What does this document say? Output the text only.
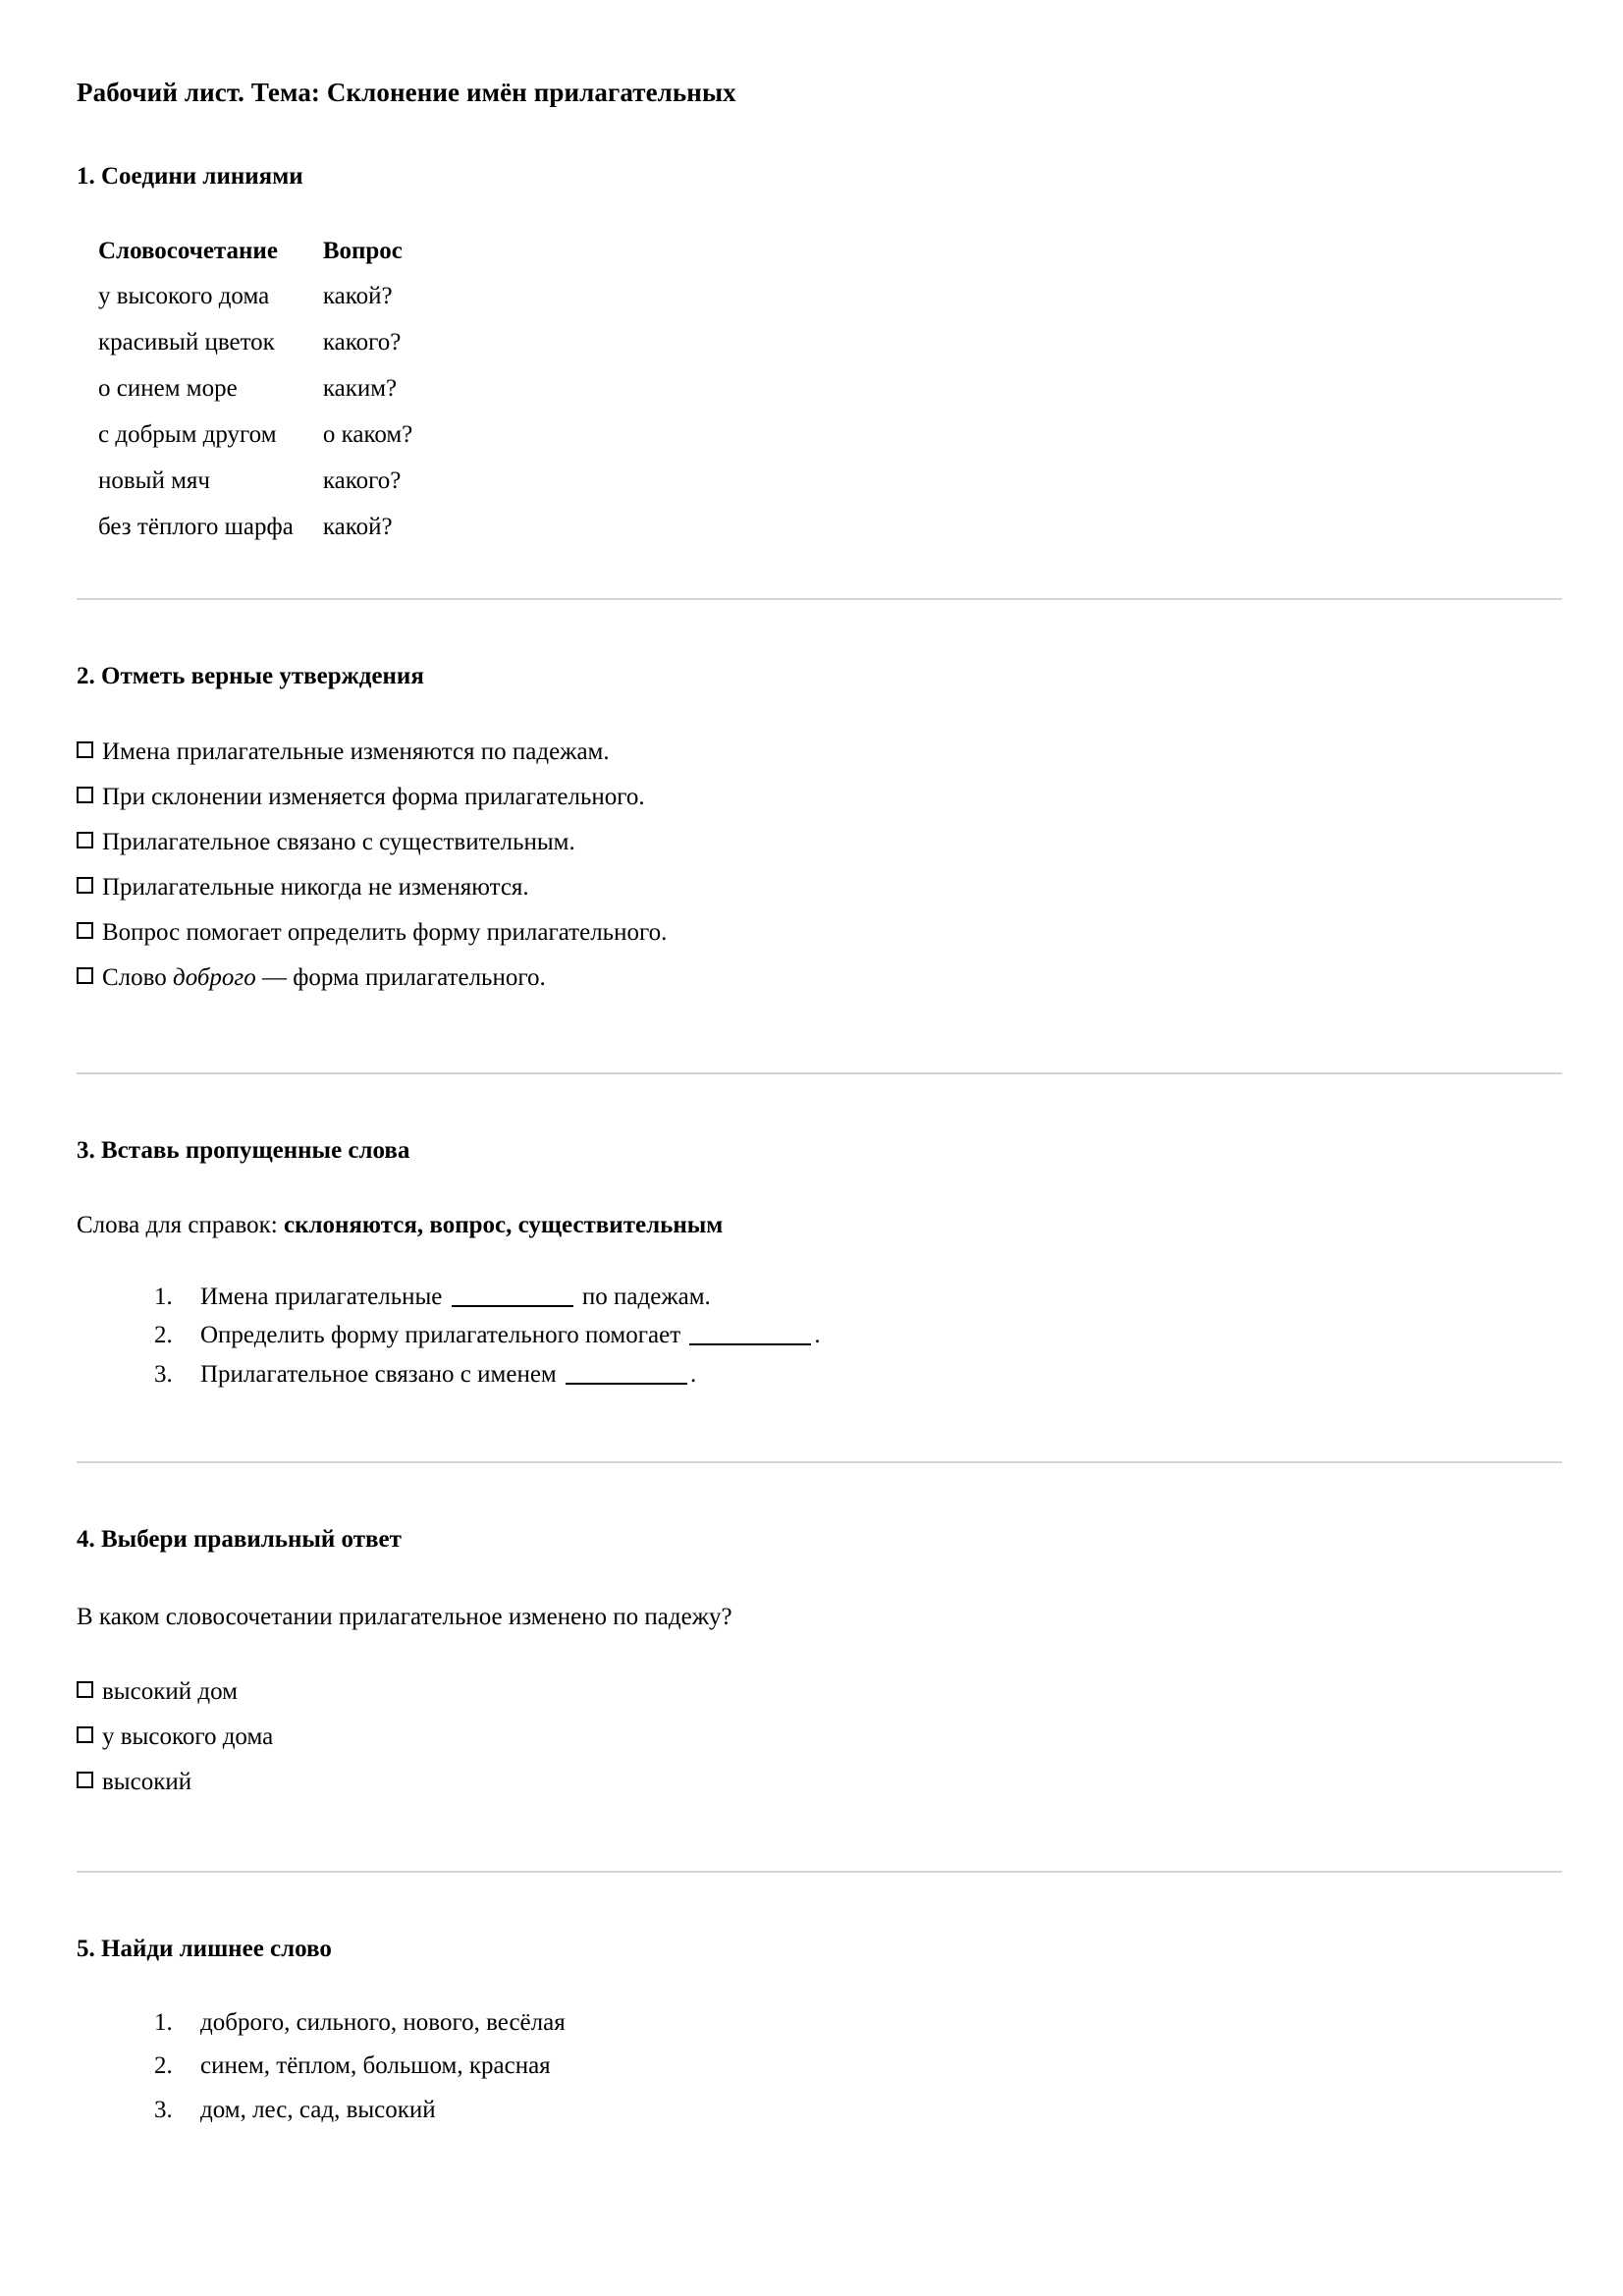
Рабочий лист. Тема: Склонение имён прилагательных
1. Соедини линиями
Словосочетание	Вопрос
у высокого дома	какой?
красивый цветок	какого?
о синем море	каким?
с добрым другом	о каком?
новый мяч	какого?
без тёплого шарфа	какой?
2. Отметь верные утверждения
Имена прилагательные изменяются по падежам.
При склонении изменяется форма прилагательного.
Прилагательное связано с существительным.
Прилагательные никогда не изменяются.
Вопрос помогает определить форму прилагательного.
Слово доброго — форма прилагательного.
3. Вставь пропущенные слова

Слова для справок: склоняются, вопрос, существительным

1. Имена прилагательные	по падежам.
2. Определить форму прилагательного помогает	.
3. Прилагательное связано с именем	.
4. Выбери правильный ответ

В каком словосочетании прилагательное изменено по падежу?

высокий дом
у высокого дома
высокий
5. Найди лишнее слово
1. доброго, сильного, нового, весёлая
2. синем, тёплом, большом, красная
3. дом, лес, сад, высокий
